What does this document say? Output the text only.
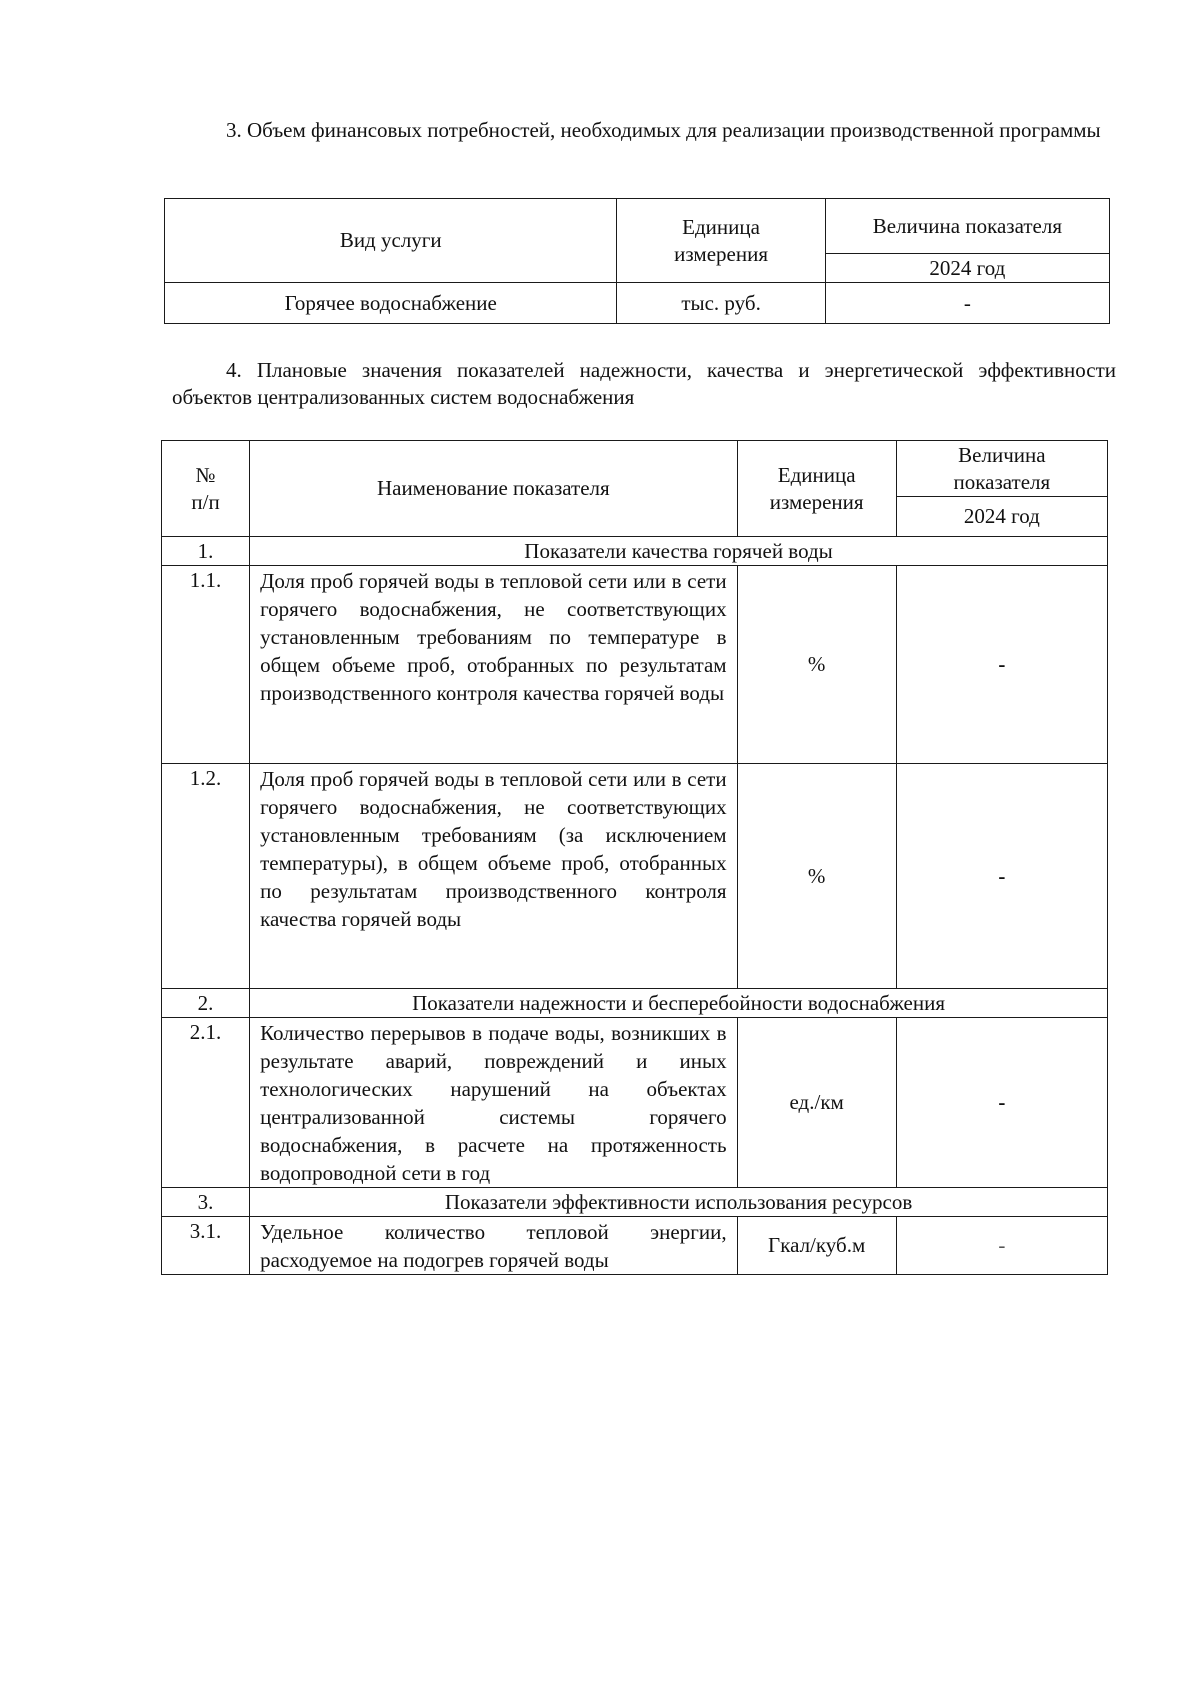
3. Объем финансовых потребностей, необходимых для реализации производственной программы

Вид услуги	Единица измерения	Величина показателя
		2024 год
Горячее водоснабжение	тыс. руб.	-

4. Плановые значения показателей надежности, качества и энергетической эффективности объектов централизованных систем водоснабжения

№ п/п	Наименование показателя	Единица измерения	Величина показателя
			2024 год
1.	Показатели качества горячей воды		
1.1.	Доля проб горячей воды в тепловой сети или в сети горячего водоснабжения, не соответствующих установленным требованиям по температуре в общем объеме проб, отобранных по результатам производственного контроля качества горячей воды	%	-
1.2.	Доля проб горячей воды в тепловой сети или в сети горячего водоснабжения, не соответствующих установленным требованиям (за исключением температуры), в общем объеме проб, отобранных по результатам производственного контроля качества горячей воды	%	-
2.	Показатели надежности и бесперебойности водоснабжения		
2.1.	Количество перерывов в подаче воды, возникших в результате аварий, повреждений и иных технологических нарушений на объектах централизованной системы горячего водоснабжения, в расчете на протяженность водопроводной сети в год	ед./км	-
3.	Показатели эффективности использования ресурсов		
3.1.	Удельное количество тепловой энергии, расходуемое на подогрев горячей воды	Гкал/куб.м	-
